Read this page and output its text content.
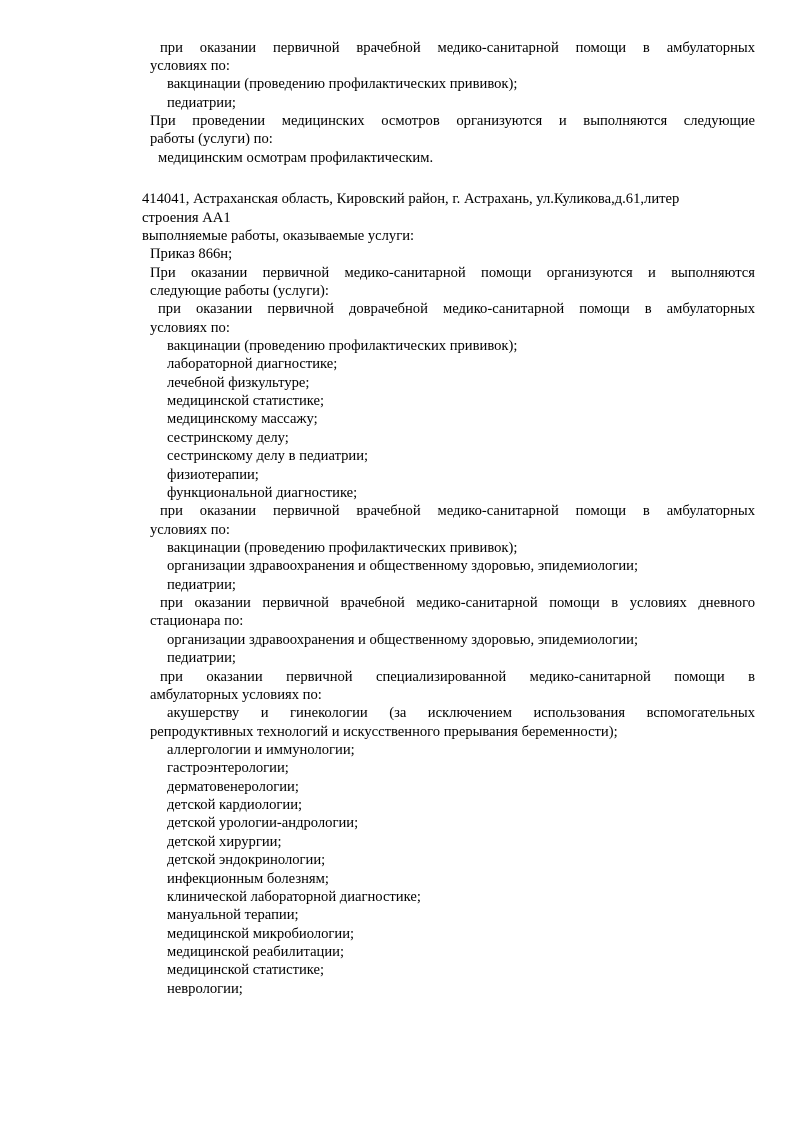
при оказании первичной врачебной медико-санитарной помощи в амбулаторных
условиях по:
вакцинации (проведению профилактических прививок);
педиатрии;
При проведении медицинских осмотров организуются и выполняются следующие
работы (услуги) по:
медицинским осмотрам профилактическим.
414041, Астраханская область, Кировский район, г. Астрахань, ул.Куликова,д.61,литер
строения АА1
выполняемые работы, оказываемые услуги:
Приказ 866н;
При оказании первичной медико-санитарной помощи организуются и выполняются
следующие работы (услуги):
при оказании первичной доврачебной медико-санитарной помощи в амбулаторных
условиях по:
вакцинации (проведению профилактических прививок);
лабораторной диагностике;
лечебной физкультуре;
медицинской статистике;
медицинскому массажу;
сестринскому делу;
сестринскому делу в педиатрии;
физиотерапии;
функциональной диагностике;
при оказании первичной врачебной медико-санитарной помощи в амбулаторных
условиях по:
вакцинации (проведению профилактических прививок);
организации здравоохранения и общественному здоровью, эпидемиологии;
педиатрии;
при оказании первичной врачебной медико-санитарной помощи в условиях дневного
стационара по:
организации здравоохранения и общественному здоровью, эпидемиологии;
педиатрии;
при оказании первичной специализированной медико-санитарной помощи в
амбулаторных условиях по:
акушерству и гинекологии (за исключением использования вспомогательных
репродуктивных технологий и искусственного прерывания беременности);
аллергологии и иммунологии;
гастроэнтерологии;
дерматовенерологии;
детской кардиологии;
детской урологии-андрологии;
детской хирургии;
детской эндокринологии;
инфекционным болезням;
клинической лабораторной диагностике;
мануальной терапии;
медицинской микробиологии;
медицинской реабилитации;
медицинской статистике;
неврологии;
